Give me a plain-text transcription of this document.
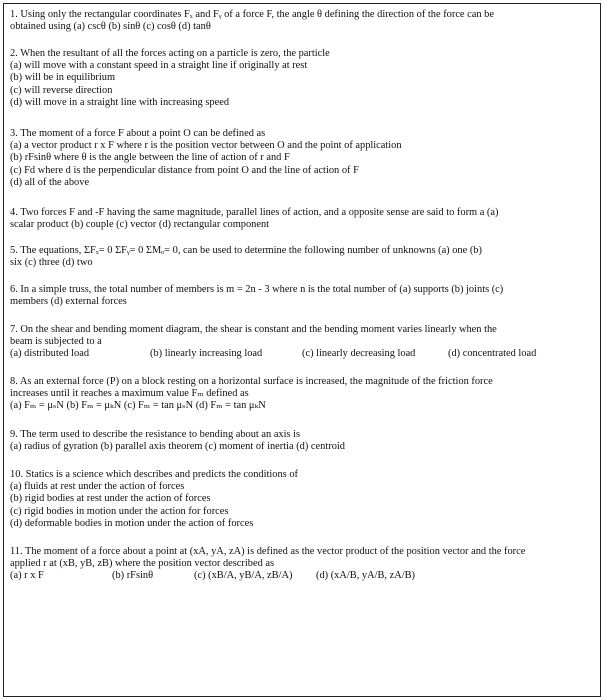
1. Using only the rectangular coordinates Fₓ and Fᵧ of a force F, the angle θ defining the direction of the force can be
obtained using (a) cscθ (b) sinθ (c) cosθ (d) tanθ
2. When the resultant of all the forces acting on a particle is zero, the particle
(a) will move with a constant speed in a straight line if originally at rest
(b) will be in equilibrium
(c) will reverse direction
(d) will move in a straight line with increasing speed
3. The moment of a force F about a point O can be defined as
(a) a vector product r x F where r is the position vector between O and the point of application
(b) rFsinθ where θ is the angle between the line of action of r and F
(c) Fd where d is the perpendicular distance from point O and the line of action of F
(d) all of the above
4. Two forces F and -F having the same magnitude, parallel lines of action, and a opposite sense are said to form a (a)
scalar product (b) couple (c) vector (d) rectangular component
5. The equations, ΣFₓ= 0 ΣFᵧ= 0 ΣMₒ= 0, can be used to determine the following number of unknowns (a) one (b)
six (c) three (d) two
6. In a simple truss, the total number of members is m = 2n - 3 where n is the total number of (a) supports (b) joints (c)
members (d) external forces
7. On the shear and bending moment diagram, the shear is constant and the bending moment varies linearly when the
beam is subjected to a
(a) distributed load	(b) linearly increasing load	(c) linearly decreasing load	(d) concentrated load
8. As an external force (P) on a block resting on a horizontal surface is increased, the magnitude of the friction force
increases until it reaches a maximum value Fₘ defined as
(a) Fₘ = μₛN (b) Fₘ = μₖN (c) Fₘ = tan μₛN (d) Fₘ = tan μₖN
9. The term used to describe the resistance to bending about an axis is
(a) radius of gyration (b) parallel axis theorem (c) moment of inertia (d) centroid
10. Statics is a science which describes and predicts the conditions of
(a) fluids at rest under the action of forces
(b) rigid bodies at rest under the action of forces
(c) rigid bodies in motion under the action for forces
(d) deformable bodies in motion under the action of forces
11. The moment of a force about a point at (xA, yA, zA) is defined as the vector product of the position vector and the force
applied r at (xB, yB, zB) where the position vector described as
(a) r x F	(b) rFsinθ	(c) (xB/A, yB/A, zB/A)	(d) (xA/B, yA/B, zA/B)
